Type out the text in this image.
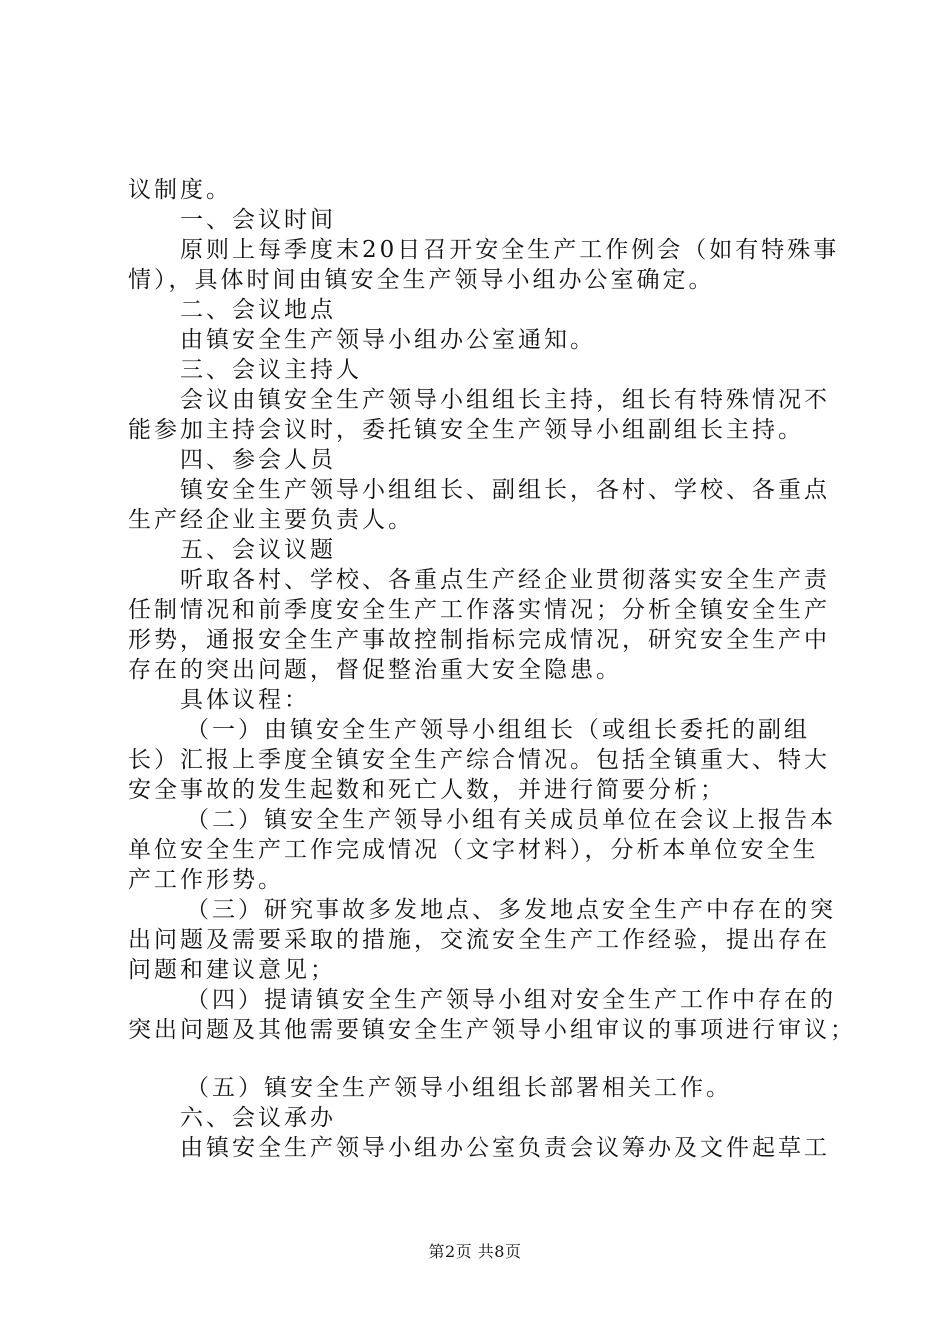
议制度。
一、会议时间
原则上每季度末20日召开安全生产工作例会（如有特殊事
情），具体时间由镇安全生产领导小组办公室确定。
二、会议地点
由镇安全生产领导小组办公室通知。
三、会议主持人
会议由镇安全生产领导小组组长主持，组长有特殊情况不
能参加主持会议时，委托镇安全生产领导小组副组长主持。
四、参会人员
镇安全生产领导小组组长、副组长，各村、学校、各重点
生产经企业主要负责人。
五、会议议题
听取各村、学校、各重点生产经企业贯彻落实安全生产责
任制情况和前季度安全生产工作落实情况；分析全镇安全生产
形势，通报安全生产事故控制指标完成情况，研究安全生产中
存在的突出问题，督促整治重大安全隐患。
具体议程：
（一）由镇安全生产领导小组组长（或组长委托的副组
长）汇报上季度全镇安全生产综合情况。包括全镇重大、特大
安全事故的发生起数和死亡人数，并进行简要分析；
（二）镇安全生产领导小组有关成员单位在会议上报告本
单位安全生产工作完成情况（文字材料），分析本单位安全生
产工作形势。
（三）研究事故多发地点、多发地点安全生产中存在的突
出问题及需要采取的措施，交流安全生产工作经验，提出存在
问题和建议意见；
（四）提请镇安全生产领导小组对安全生产工作中存在的
突出问题及其他需要镇安全生产领导小组审议的事项进行审议；
（五）镇安全生产领导小组组长部署相关工作。
六、会议承办
由镇安全生产领导小组办公室负责会议筹办及文件起草工
第2页 共8页
